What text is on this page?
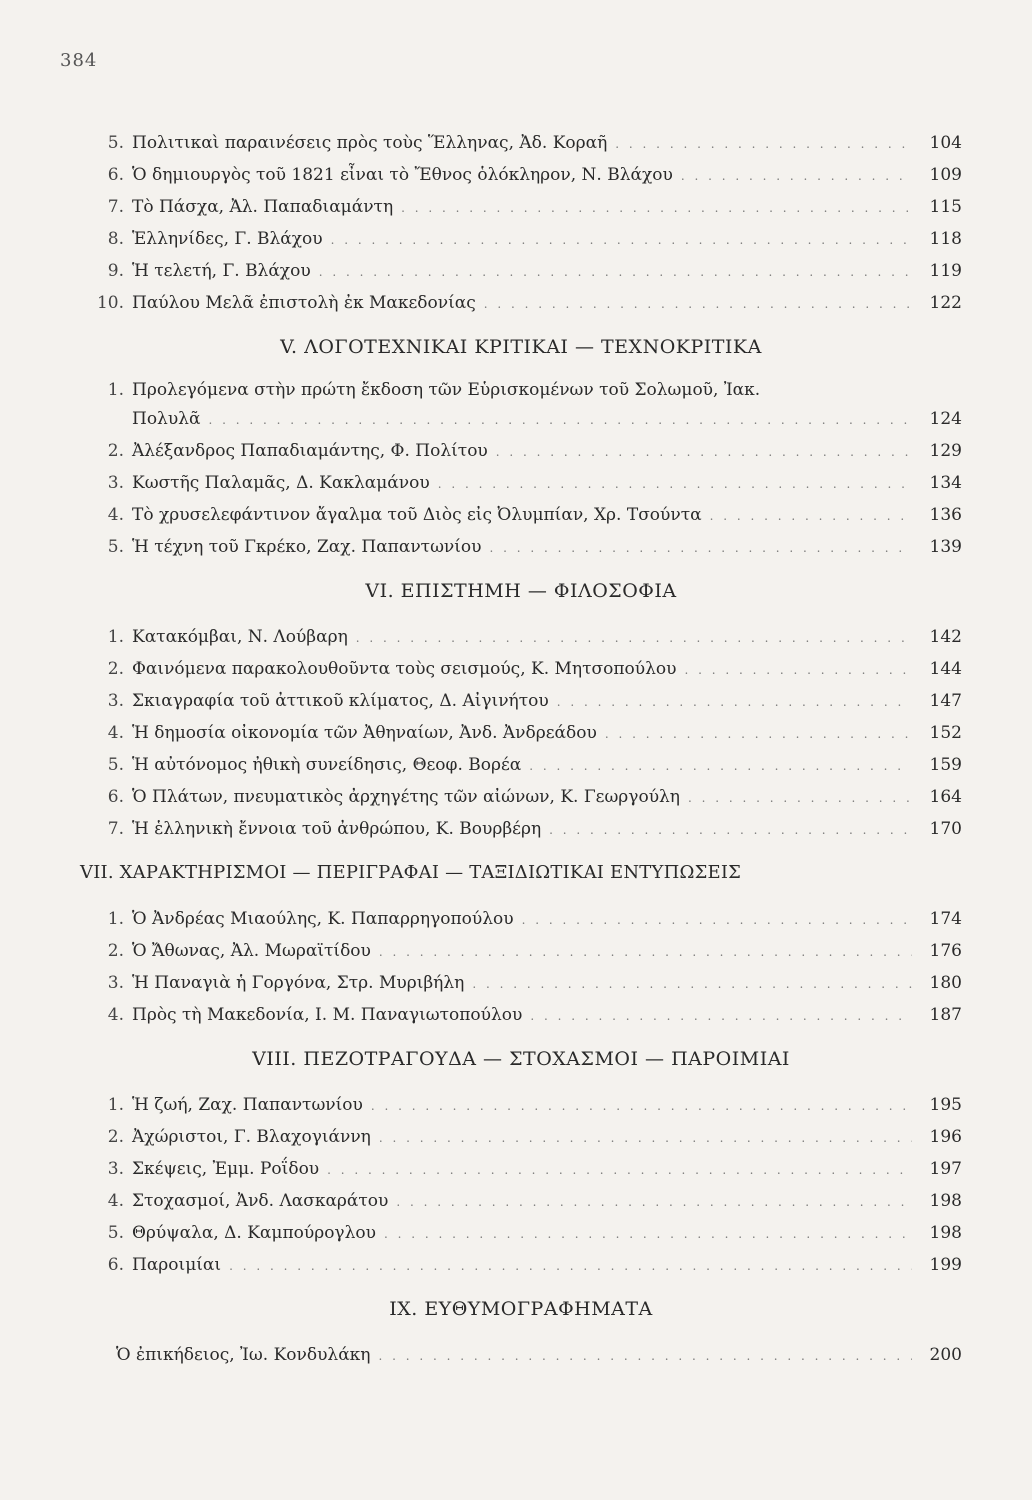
384
5. Πολιτικαὶ παραινέσεις πρὸς τοὺς Ἕλληνας, Ἀδ. Κοραῆ . . .	104
6. Ὁ δημιουργὸς τοῦ 1821 εἶναι τὸ Ἔθνος ὁλόκληρον, Ν. Βλάχου . . .	109
7. Τὸ Πάσχα, Ἀλ. Παπαδιαμάντη . . .	115
8. Ἑλληνίδες, Γ. Βλάχου . . .	118
9. Ἡ τελετή, Γ. Βλάχου . . .	119
10. Παύλου Μελᾶ ἐπιστολὴ ἐκ Μακεδονίας . . .	122
V. ΛΟΓΟΤΕΧΝΙΚΑΙ ΚΡΙΤΙΚΑΙ — ΤΕΧΝΟΚΡΙΤΙΚΑ
1. Προλεγόμενα στὴν πρώτη ἔκδοση τῶν Εὑρισκομένων τοῦ Σολωμοῦ, Ἰακ.
Πολυλᾶ . . .	124
2. Ἀλέξανδρος Παπαδιαμάντης, Φ. Πολίτου . . .	129
3. Κωστῆς Παλαμᾶς, Δ. Κακλαμάνου . . .	134
4. Τὸ χρυσελεφάντινον ἄγαλμα τοῦ Διὸς εἰς Ὀλυμπίαν, Χρ. Τσούντα . . .	136
5. Ἡ τέχνη τοῦ Γκρέκο, Ζαχ. Παπαντωνίου . . .	139
VI. ΕΠΙΣΤΗΜΗ — ΦΙΛΟΣΟΦΙΑ
1. Κατακόμβαι, Ν. Λούβαρη . . .	142
2. Φαινόμενα παρακολουθοῦντα τοὺς σεισμούς, Κ. Μητσοπούλου . . .	144
3. Σκιαγραφία τοῦ ἀττικοῦ κλίματος, Δ. Αἰγινήτου . . .	147
4. Ἡ δημοσία οἰκονομία τῶν Ἀθηναίων, Ἀνδ. Ἀνδρεάδου . . .	152
5. Ἡ αὐτόνομος ἠθικὴ συνείδησις, Θεοφ. Βορέα . . .	159
6. Ὁ Πλάτων, πνευματικὸς ἀρχηγέτης τῶν αἰώνων, Κ. Γεωργούλη . . .	164
7. Ἡ ἑλληνικὴ ἔννοια τοῦ ἀνθρώπου, Κ. Βουρβέρη . . .	170
VII. ΧΑΡΑΚΤΗΡΙΣΜΟΙ — ΠΕΡΙΓΡΑΦΑΙ — ΤΑΞΙΔΙΩΤΙΚΑΙ ΕΝΤΥΠΩΣΕΙΣ
1. Ὁ Ἀνδρέας Μιαούλης, Κ. Παπαρρηγοπούλου . . .	174
2. Ὁ Ἄθωνας, Ἀλ. Μωραϊτίδου . . .	176
3. Ἡ Παναγιὰ ἡ Γοργόνα, Στρ. Μυριβήλη . . .	180
4. Πρὸς τὴ Μακεδονία, Ι. Μ. Παναγιωτοπούλου . . .	187
VIII. ΠΕΖΟΤΡΑΓΟΥΔΑ — ΣΤΟΧΑΣΜΟΙ — ΠΑΡΟΙΜΙΑΙ
1. Ἡ ζωή, Ζαχ. Παπαντωνίου . . .	195
2. Ἀχώριστοι, Γ. Βλαχογιάννη . . .	196
3. Σκέψεις, Ἐμμ. Ροΐδου . . .	197
4. Στοχασμοί, Ἀνδ. Λασκαράτου . . .	198
5. Θρύψαλα, Δ. Καμπούρογλου . . .	198
6. Παροιμίαι . . .	199
IX. ΕΥΘΥΜΟΓΡΑΦΗΜΑΤΑ
Ὁ ἐπικήδειος, Ἰω. Κονδυλάκη . . .	200
